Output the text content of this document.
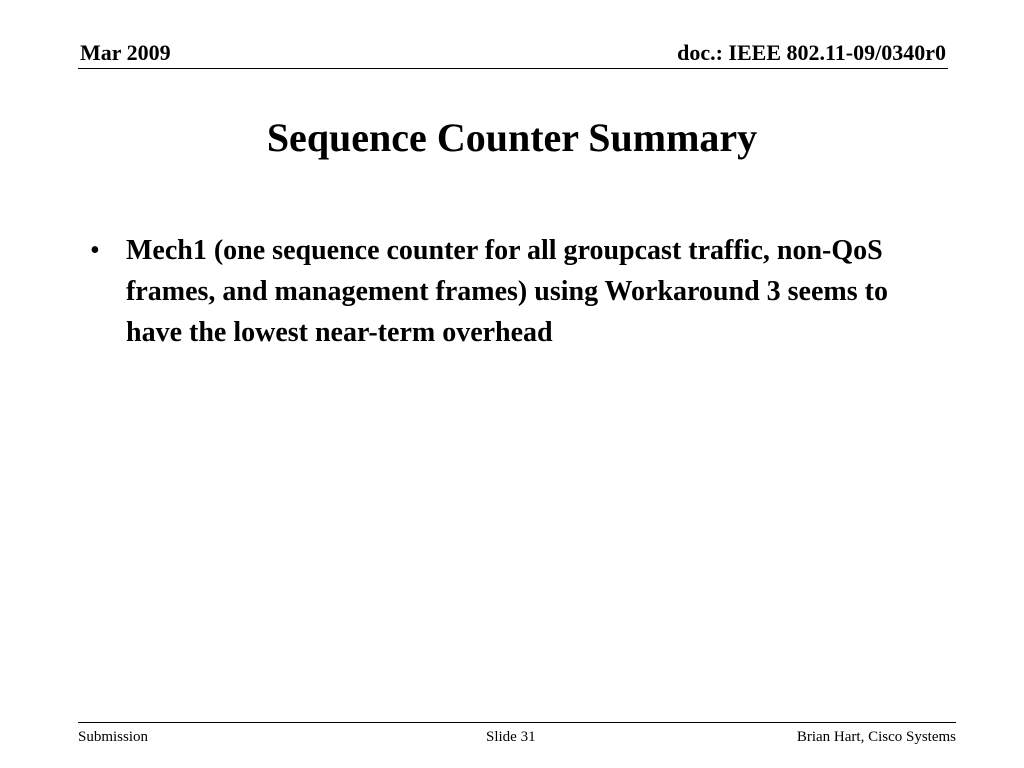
Mar 2009	doc.: IEEE 802.11-09/0340r0
Sequence Counter Summary
• Mech1 (one sequence counter for all groupcast traffic, non-QoS frames, and management frames) using Workaround 3 seems to have the lowest near-term overhead
Submission	Slide 31	Brian Hart, Cisco Systems
